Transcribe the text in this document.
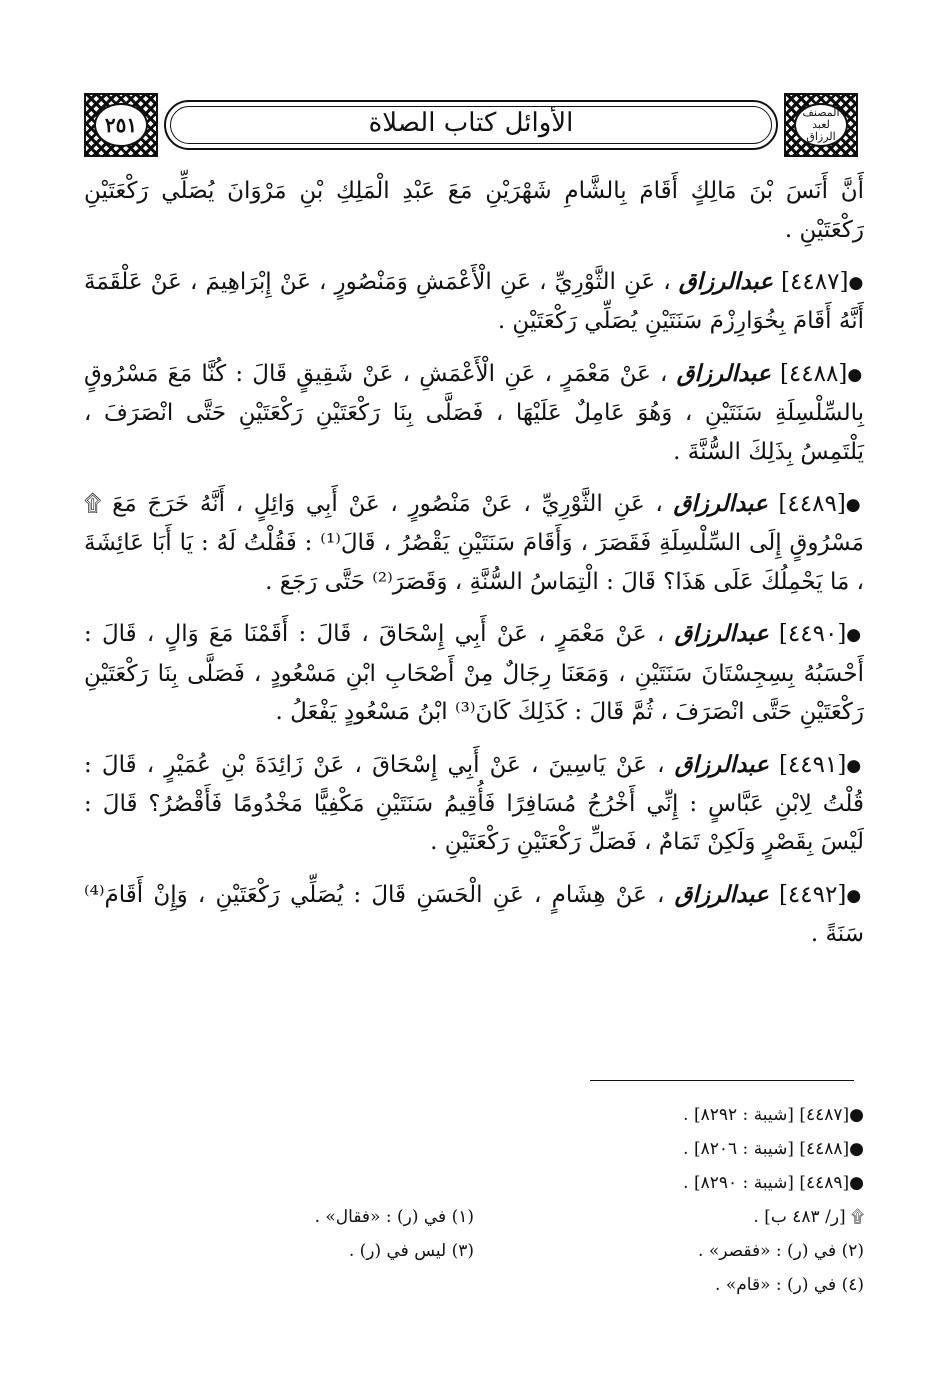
٢٥١	الأوائل كتاب الصلاة	المصنف لعبد الرزاق

أَنَّ أَنَسَ بْنَ مَالِكٍ أَقَامَ بِالشَّامِ شَهْرَيْنِ مَعَ عَبْدِ الْمَلِكِ بْنِ مَرْوَانَ يُصَلِّي رَكْعَتَيْنِ رَكْعَتَيْنِ .

●[٤٤٨٧] عبدالرزاق ، عَنِ الثَّوْرِيِّ ، عَنِ الْأَعْمَشِ وَمَنْصُورٍ ، عَنْ إِبْرَاهِيمَ ، عَنْ عَلْقَمَةَ أَنَّهُ أَقَامَ بِخُوَارِزْمَ سَنَتَيْنِ يُصَلِّي رَكْعَتَيْنِ .

●[٤٤٨٨] عبدالرزاق ، عَنْ مَعْمَرٍ ، عَنِ الْأَعْمَشِ ، عَنْ شَقِيقٍ قَالَ : كُنَّا مَعَ مَسْرُوقٍ بِالسِّلْسِلَةِ سَنَتَيْنِ ، وَهُوَ عَامِلٌ عَلَيْهَا ، فَصَلَّى بِنَا رَكْعَتَيْنِ رَكْعَتَيْنِ حَتَّى انْصَرَفَ ، يَلْتَمِسُ بِذَلِكَ السُّنَّةَ .

●[٤٤٨٩] عبدالرزاق ، عَنِ الثَّوْرِيِّ ، عَنْ مَنْصُورٍ ، عَنْ أَبِي وَائِلٍ ، أَنَّهُ خَرَجَ مَعَ ۩ مَسْرُوقٍ إِلَى السِّلْسِلَةِ فَقَصَرَ ، وَأَقَامَ سَنَتَيْنِ يَقْصُرُ ، قَالَ⁽¹⁾ : فَقُلْتُ لَهُ : يَا أَبَا عَائِشَةَ ، مَا يَحْمِلُكَ عَلَى هَذَا؟ قَالَ : الْتِمَاسُ السُّنَّةِ ، وَقَصَرَ⁽²⁾ حَتَّى رَجَعَ .

●[٤٤٩٠] عبدالرزاق ، عَنْ مَعْمَرٍ ، عَنْ أَبِي إِسْحَاقَ ، قَالَ : أَقَمْنَا مَعَ وَالٍ ، قَالَ : أَحْسَبُهُ بِسِجِسْتَانَ سَنَتَيْنِ ، وَمَعَنَا رِجَالٌ مِنْ أَصْحَابِ ابْنِ مَسْعُودٍ ، فَصَلَّى بِنَا رَكْعَتَيْنِ رَكْعَتَيْنِ حَتَّى انْصَرَفَ ، ثُمَّ قَالَ : كَذَلِكَ كَانَ⁽³⁾ ابْنُ مَسْعُودٍ يَفْعَلُ .

●[٤٤٩١] عبدالرزاق ، عَنْ يَاسِينَ ، عَنْ أَبِي إِسْحَاقَ ، عَنْ زَائِدَةَ بْنِ عُمَيْرٍ ، قَالَ : قُلْتُ لِابْنِ عَبَّاسٍ : إِنِّي أَخْرُجُ مُسَافِرًا فَأُقِيمُ سَنَتَيْنِ مَكْفِيًّا مَخْدُومًا فَأَقْصُرُ؟ قَالَ : لَيْسَ بِقَصْرٍ وَلَكِنْ تَمَامٌ ، فَصَلِّ رَكْعَتَيْنِ رَكْعَتَيْنِ .

●[٤٤٩٢] عبدالرزاق ، عَنْ هِشَامٍ ، عَنِ الْحَسَنِ قَالَ : يُصَلِّي رَكْعَتَيْنِ ، وَإِنْ أَقَامَ⁽⁴⁾ سَنَةً .

●
[٤٤٨٧] [شيبة : ٨٢٩٢] .
●
[٤٤٨٨] [شيبة : ٨٢٠٦] .
●
[٤٤٨٩] [شيبة : ٨٢٩٠] .
۩ [ر/ ٤٨٣ ب] .
(١) في (ر) : «فقال» .
(٢) في (ر) : «فقصر» .
(٣) ليس في (ر) .
(٤) في (ر) : «قام» .
